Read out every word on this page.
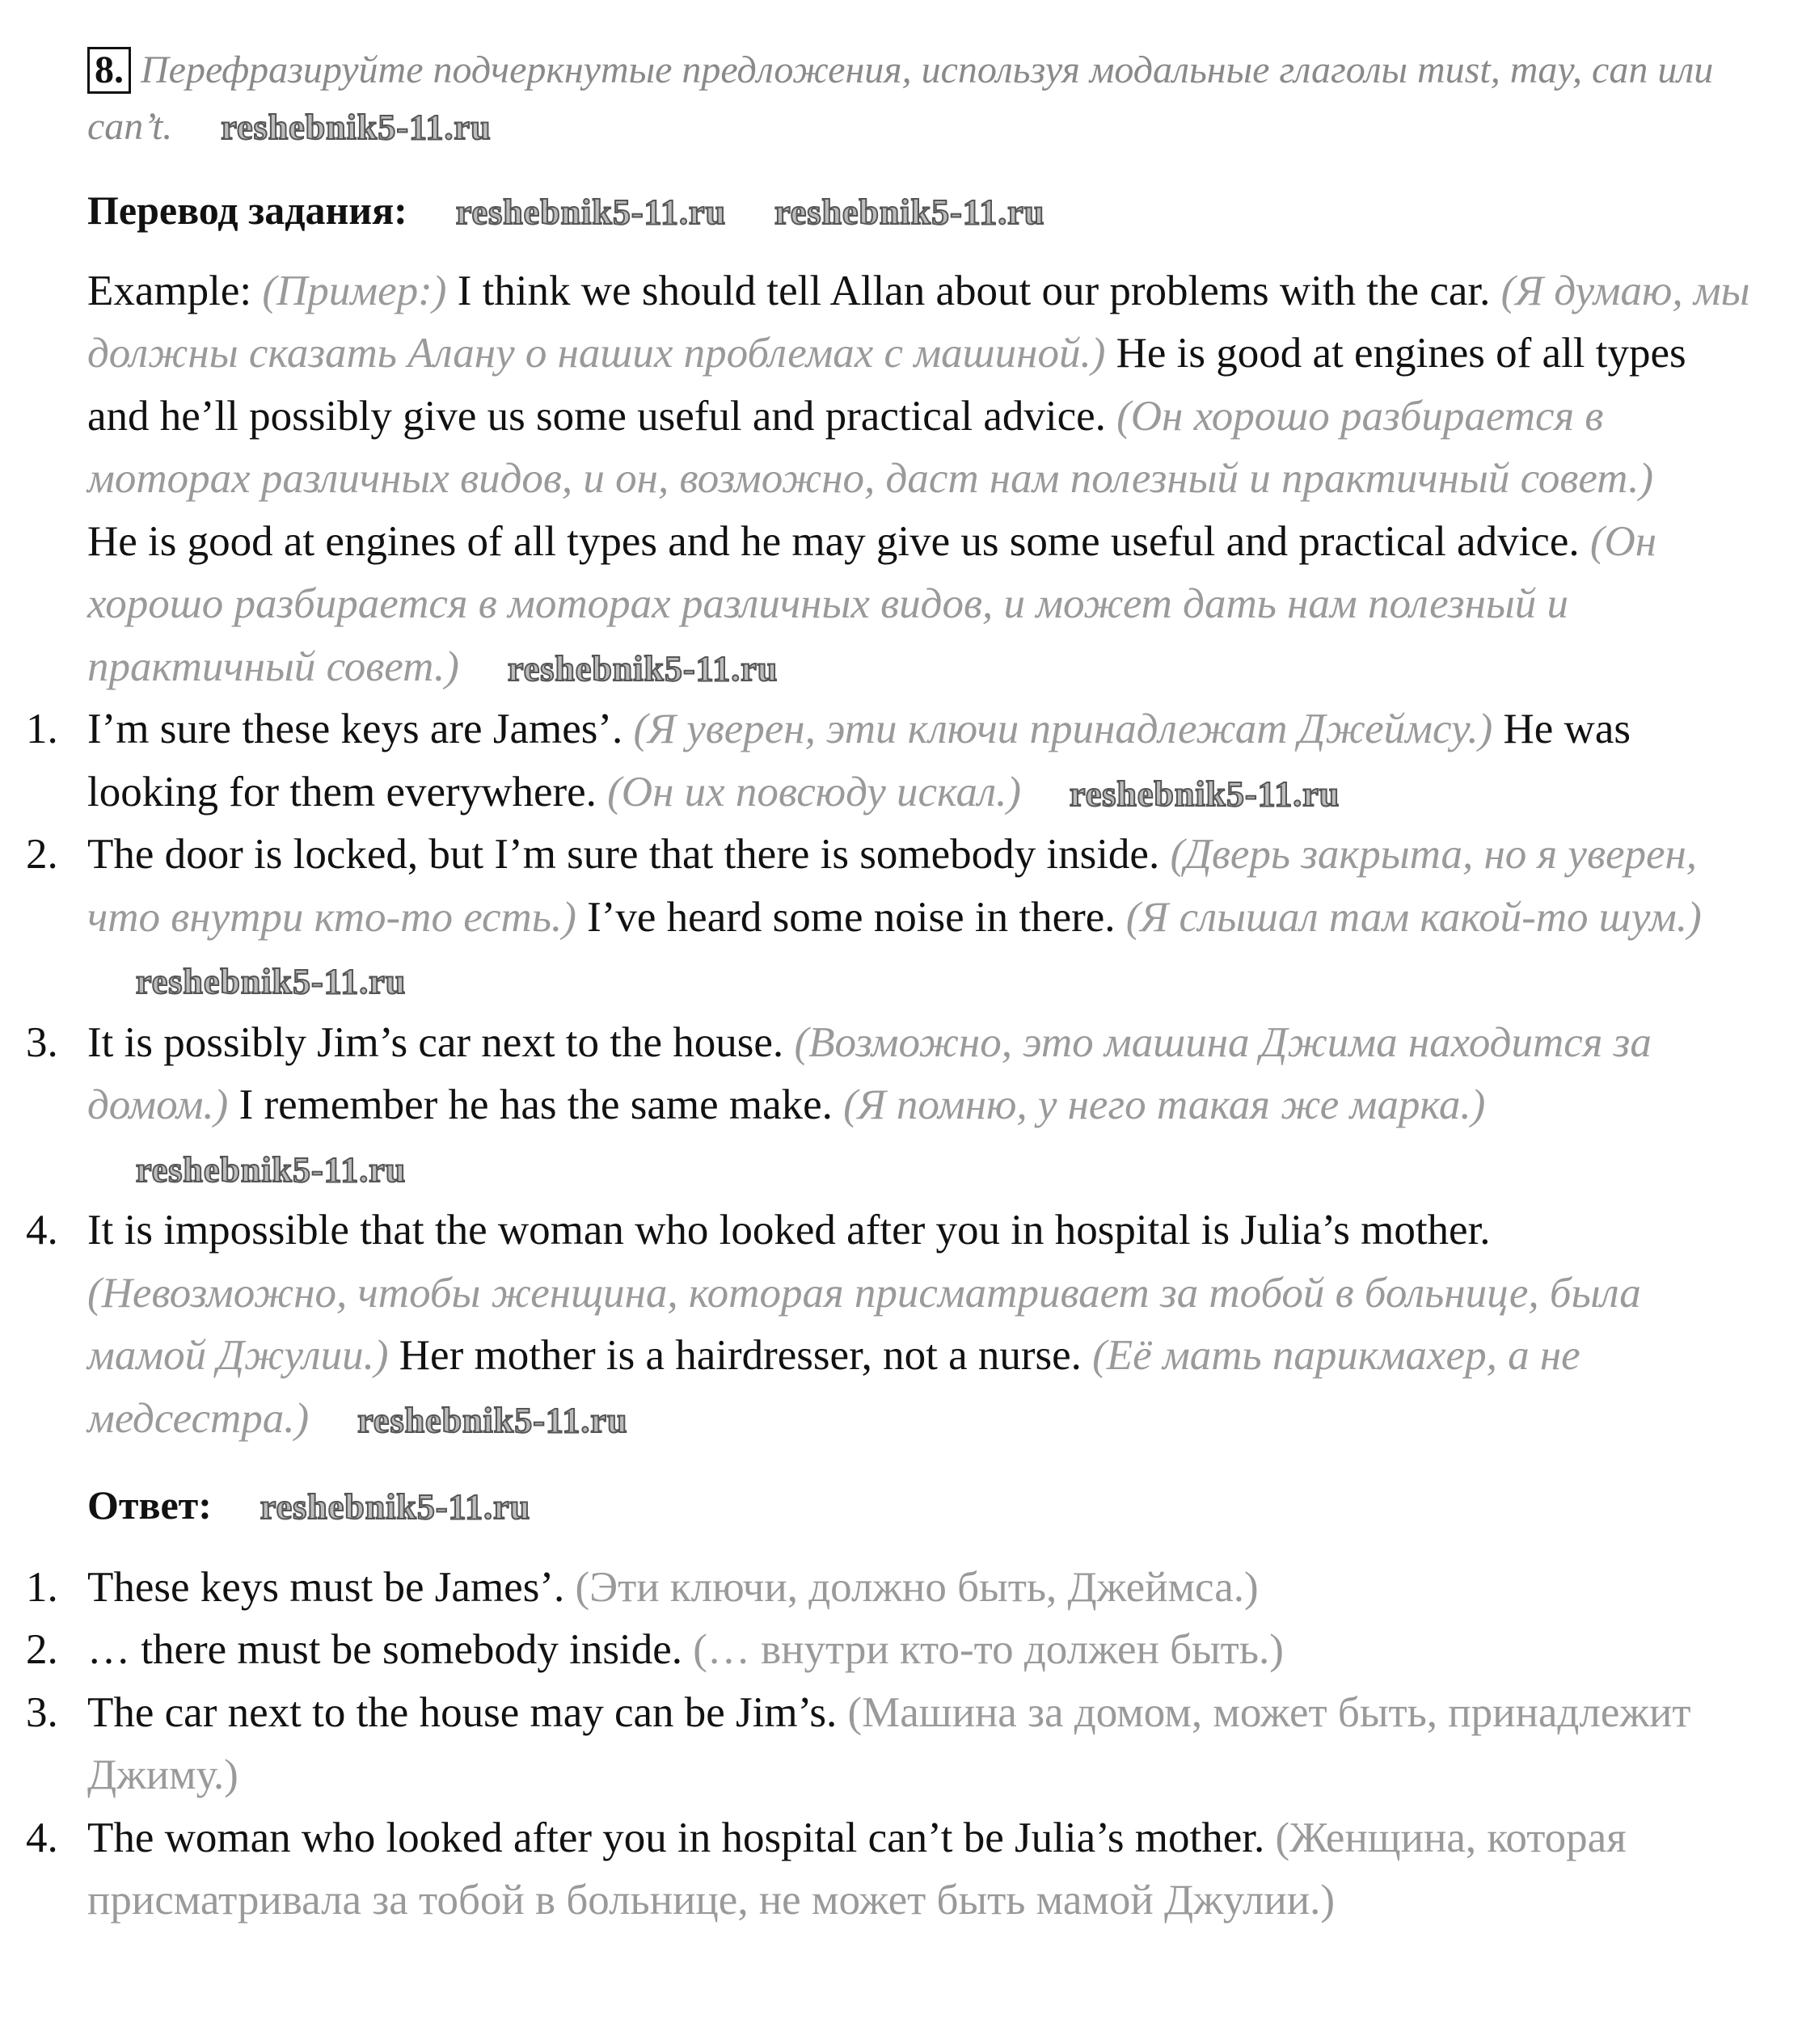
8. Перефразируйте подчеркнутые предложения, используя модальные глаголы must, may, can или can’t. reshebnik5-11.ru

Перевод задания: reshebnik5-11.ru reshebnik5-11.ru

Example: (Пример:) I think we should tell Allan about our problems with the car. (Я думаю, мы должны сказать Алану о наших проблемах с машиной.) He is good at engines of all types and he’ll possibly give us some useful and practical advice. (Он хорошо разбирается в моторах различных видов, и он, возможно, даст нам полезный и практичный совет.)

He is good at engines of all types and he may give us some useful and practical advice. (Он хорошо разбирается в моторах различных видов, и может дать нам полезный и практичный совет.) reshebnik5-11.ru

1. I’m sure these keys are James’. (Я уверен, эти ключи принадлежат Джеймсу.) He was looking for them everywhere. (Он их повсюду искал.) reshebnik5-11.ru

2. The door is locked, but I’m sure that there is somebody inside. (Дверь закрыта, но я уверен, что внутри кто-то есть.) I’ve heard some noise in there. (Я слышал там какой-то шум.)reshebnik5-11.ru

3. It is possibly Jim’s car next to the house. (Возможно, это машина Джима находится за домом.) I remember he has the same make. (Я помню, у него такая же марка.)reshebnik5-11.ru

4. It is impossible that the woman who looked after you in hospital is Julia’s mother. (Невозможно, чтобы женщина, которая присматривает за тобой в больнице, была мамой Джулии.) Her mother is a hairdresser, not a nurse. (Её мать парикмахер, а не медсестра.) reshebnik5-11.ru

Ответ: reshebnik5-11.ru

1. These keys must be James’. (Эти ключи, должно быть, Джеймса.)

2. … there must be somebody inside. (… внутри кто-то должен быть.)

3. The car next to the house may can be Jim’s. (Машина за домом, может быть, принадлежит Джиму.)

4. The woman who looked after you in hospital can’t be Julia’s mother. (Женщина, которая присматривала за тобой в больнице, не может быть мамой Джулии.)
